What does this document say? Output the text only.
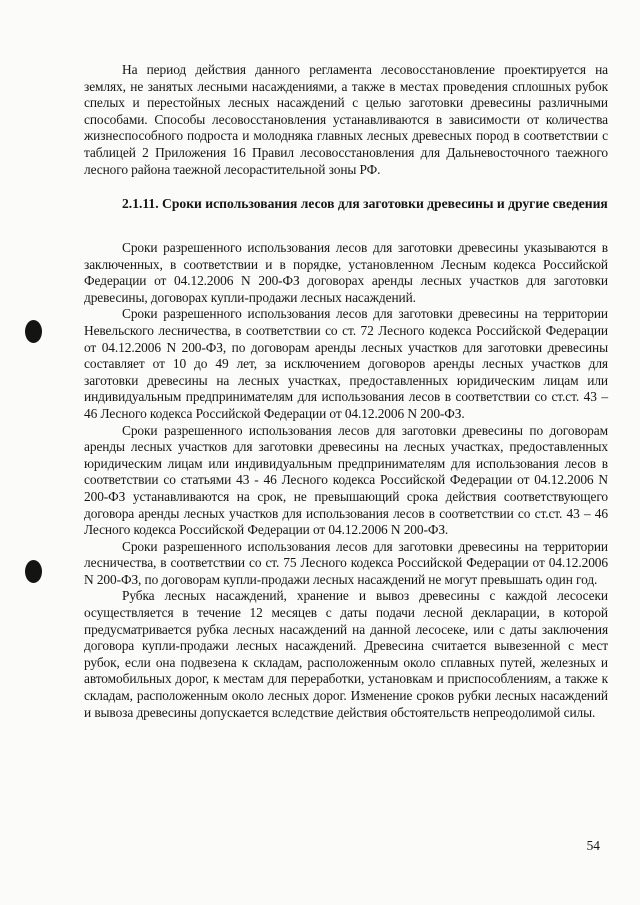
На период действия данного регламента лесовосстановление проектируется на землях, не занятых лесными насаждениями, а также в местах проведения сплошных рубок спелых и перестойных лесных насаждений с целью заготовки древесины различными способами. Способы лесовосстановления устанавливаются в зависимости от количества жизнеспособного подроста и молодняка главных лесных древесных пород в соответствии с таблицей 2 Приложения 16 Правил лесовосстановления для Дальневосточного таежного лесного района таежной лесорастительной зоны РФ.

2.1.11. Сроки использования лесов для заготовки древесины и другие сведения

Сроки разрешенного использования лесов для заготовки древесины указываются в заключенных, в соответствии и в порядке, установленном Лесным кодекса Российской Федерации от 04.12.2006 N 200-ФЗ договорах аренды лесных участков для заготовки древесины, договорах купли-продажи лесных насаждений.

Сроки разрешенного использования лесов для заготовки древесины на территории Невельского лесничества, в соответствии со ст. 72 Лесного кодекса Российской Федерации от 04.12.2006 N 200-ФЗ, по договорам аренды лесных участков для заготовки древесины составляет от 10 до 49 лет, за исключением договоров аренды лесных участков для заготовки древесины на лесных участках, предоставленных юридическим лицам или индивидуальным предпринимателям для использования лесов в соответствии со ст.ст. 43 – 46 Лесного кодекса Российской Федерации от 04.12.2006 N 200-ФЗ.

Сроки разрешенного использования лесов для заготовки древесины по договорам аренды лесных участков для заготовки древесины на лесных участках, предоставленных юридическим лицам или индивидуальным предпринимателям для использования лесов в соответствии со статьями 43 - 46 Лесного кодекса Российской Федерации от 04.12.2006 N 200-ФЗ устанавливаются на срок, не превышающий срока действия соответствующего договора аренды лесных участков для использования лесов в соответствии со ст.ст. 43 – 46 Лесного кодекса Российской Федерации от 04.12.2006 N 200-ФЗ.

Сроки разрешенного использования лесов для заготовки древесины на территории лесничества, в соответствии со ст. 75 Лесного кодекса Российской Федерации от 04.12.2006 N 200-ФЗ, по договорам купли-продажи лесных насаждений не могут превышать один год.

Рубка лесных насаждений, хранение и вывоз древесины с каждой лесосеки осуществляется в течение 12 месяцев с даты подачи лесной декларации, в которой предусматривается рубка лесных насаждений на данной лесосеке, или с даты заключения договора купли-продажи лесных насаждений. Древесина считается вывезенной с мест рубок, если она подвезена к складам, расположенным около сплавных путей, железных и автомобильных дорог, к местам для переработки, установкам и приспособлениям, а также к складам, расположенным около лесных дорог. Изменение сроков рубки лесных насаждений и вывоза древесины допускается вследствие действия обстоятельств непреодолимой силы.

54
